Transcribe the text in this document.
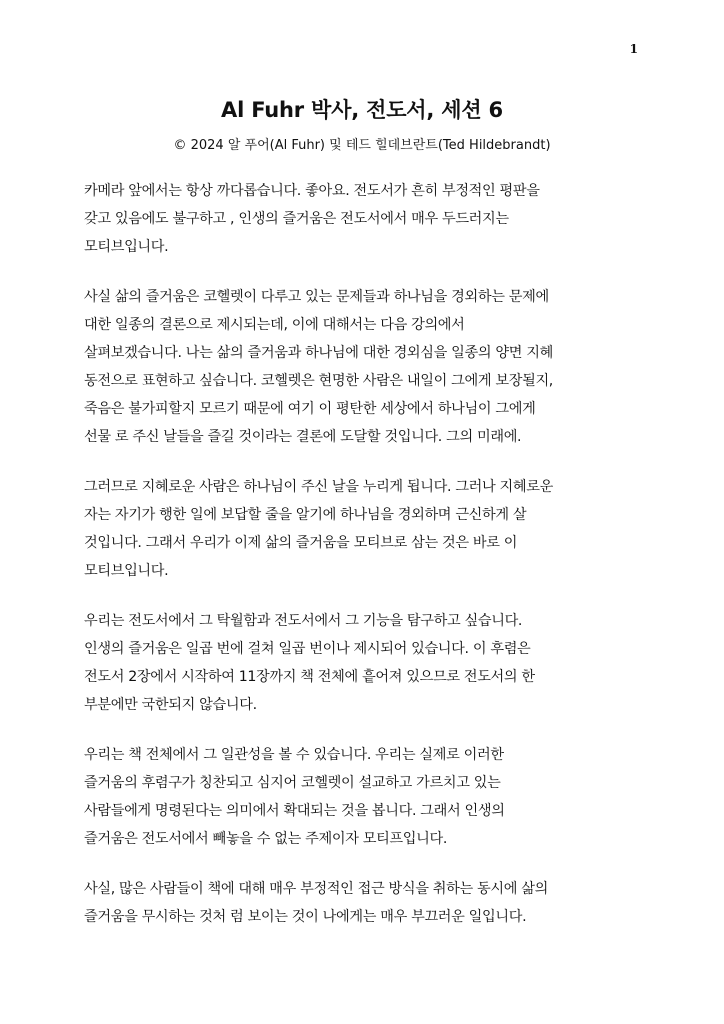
1
Al Fuhr 박사, 전도서, 세션 6

© 2024 알 푸어(Al Fuhr) 및 테드 힐데브란트(Ted Hildebrandt)

카메라 앞에서는 항상 까다롭습니다. 좋아요. 전도서가 흔히 부정적인 평판을
갖고 있음에도 불구하고 , 인생의 즐거움은 전도서에서 매우 두드러지는
모티브입니다.
사실 삶의 즐거움은 코헬렛이 다루고 있는 문제들과 하나님을 경외하는 문제에
대한 일종의 결론으로 제시되는데, 이에 대해서는 다음 강의에서
살펴보겠습니다. 나는 삶의 즐거움과 하나님에 대한 경외심을 일종의 양면 지혜
동전으로 표현하고 싶습니다. 코헬렛은 현명한 사람은 내일이 그에게 보장될지,
죽음은 불가피할지 모르기 때문에 여기 이 평탄한 세상에서 하나님이 그에게
선물 로 주신 날들을 즐길 것이라는 결론에 도달할 것입니다. 그의 미래에.
그러므로 지혜로운 사람은 하나님이 주신 날을 누리게 됩니다. 그러나 지혜로운
자는 자기가 행한 일에 보답할 줄을 알기에 하나님을 경외하며 근신하게 살
것입니다. 그래서 우리가 이제 삶의 즐거움을 모티브로 삼는 것은 바로 이
모티브입니다.
우리는 전도서에서 그 탁월함과 전도서에서 그 기능을 탐구하고 싶습니다.
인생의 즐거움은 일곱 번에 걸쳐 일곱 번이나 제시되어 있습니다. 이 후렴은
전도서 2장에서 시작하여 11장까지 책 전체에 흩어져 있으므로 전도서의 한
부분에만 국한되지 않습니다.
우리는 책 전체에서 그 일관성을 볼 수 있습니다. 우리는 실제로 이러한
즐거움의 후렴구가 칭찬되고 심지어 코헬렛이 설교하고 가르치고 있는
사람들에게 명령된다는 의미에서 확대되는 것을 봅니다. 그래서 인생의
즐거움은 전도서에서 빼놓을 수 없는 주제이자 모티프입니다.
사실, 많은 사람들이 책에 대해 매우 부정적인 접근 방식을 취하는 동시에 삶의
즐거움을 무시하는 것처 럼 보이는 것이 나에게는 매우 부끄러운 일입니다.
